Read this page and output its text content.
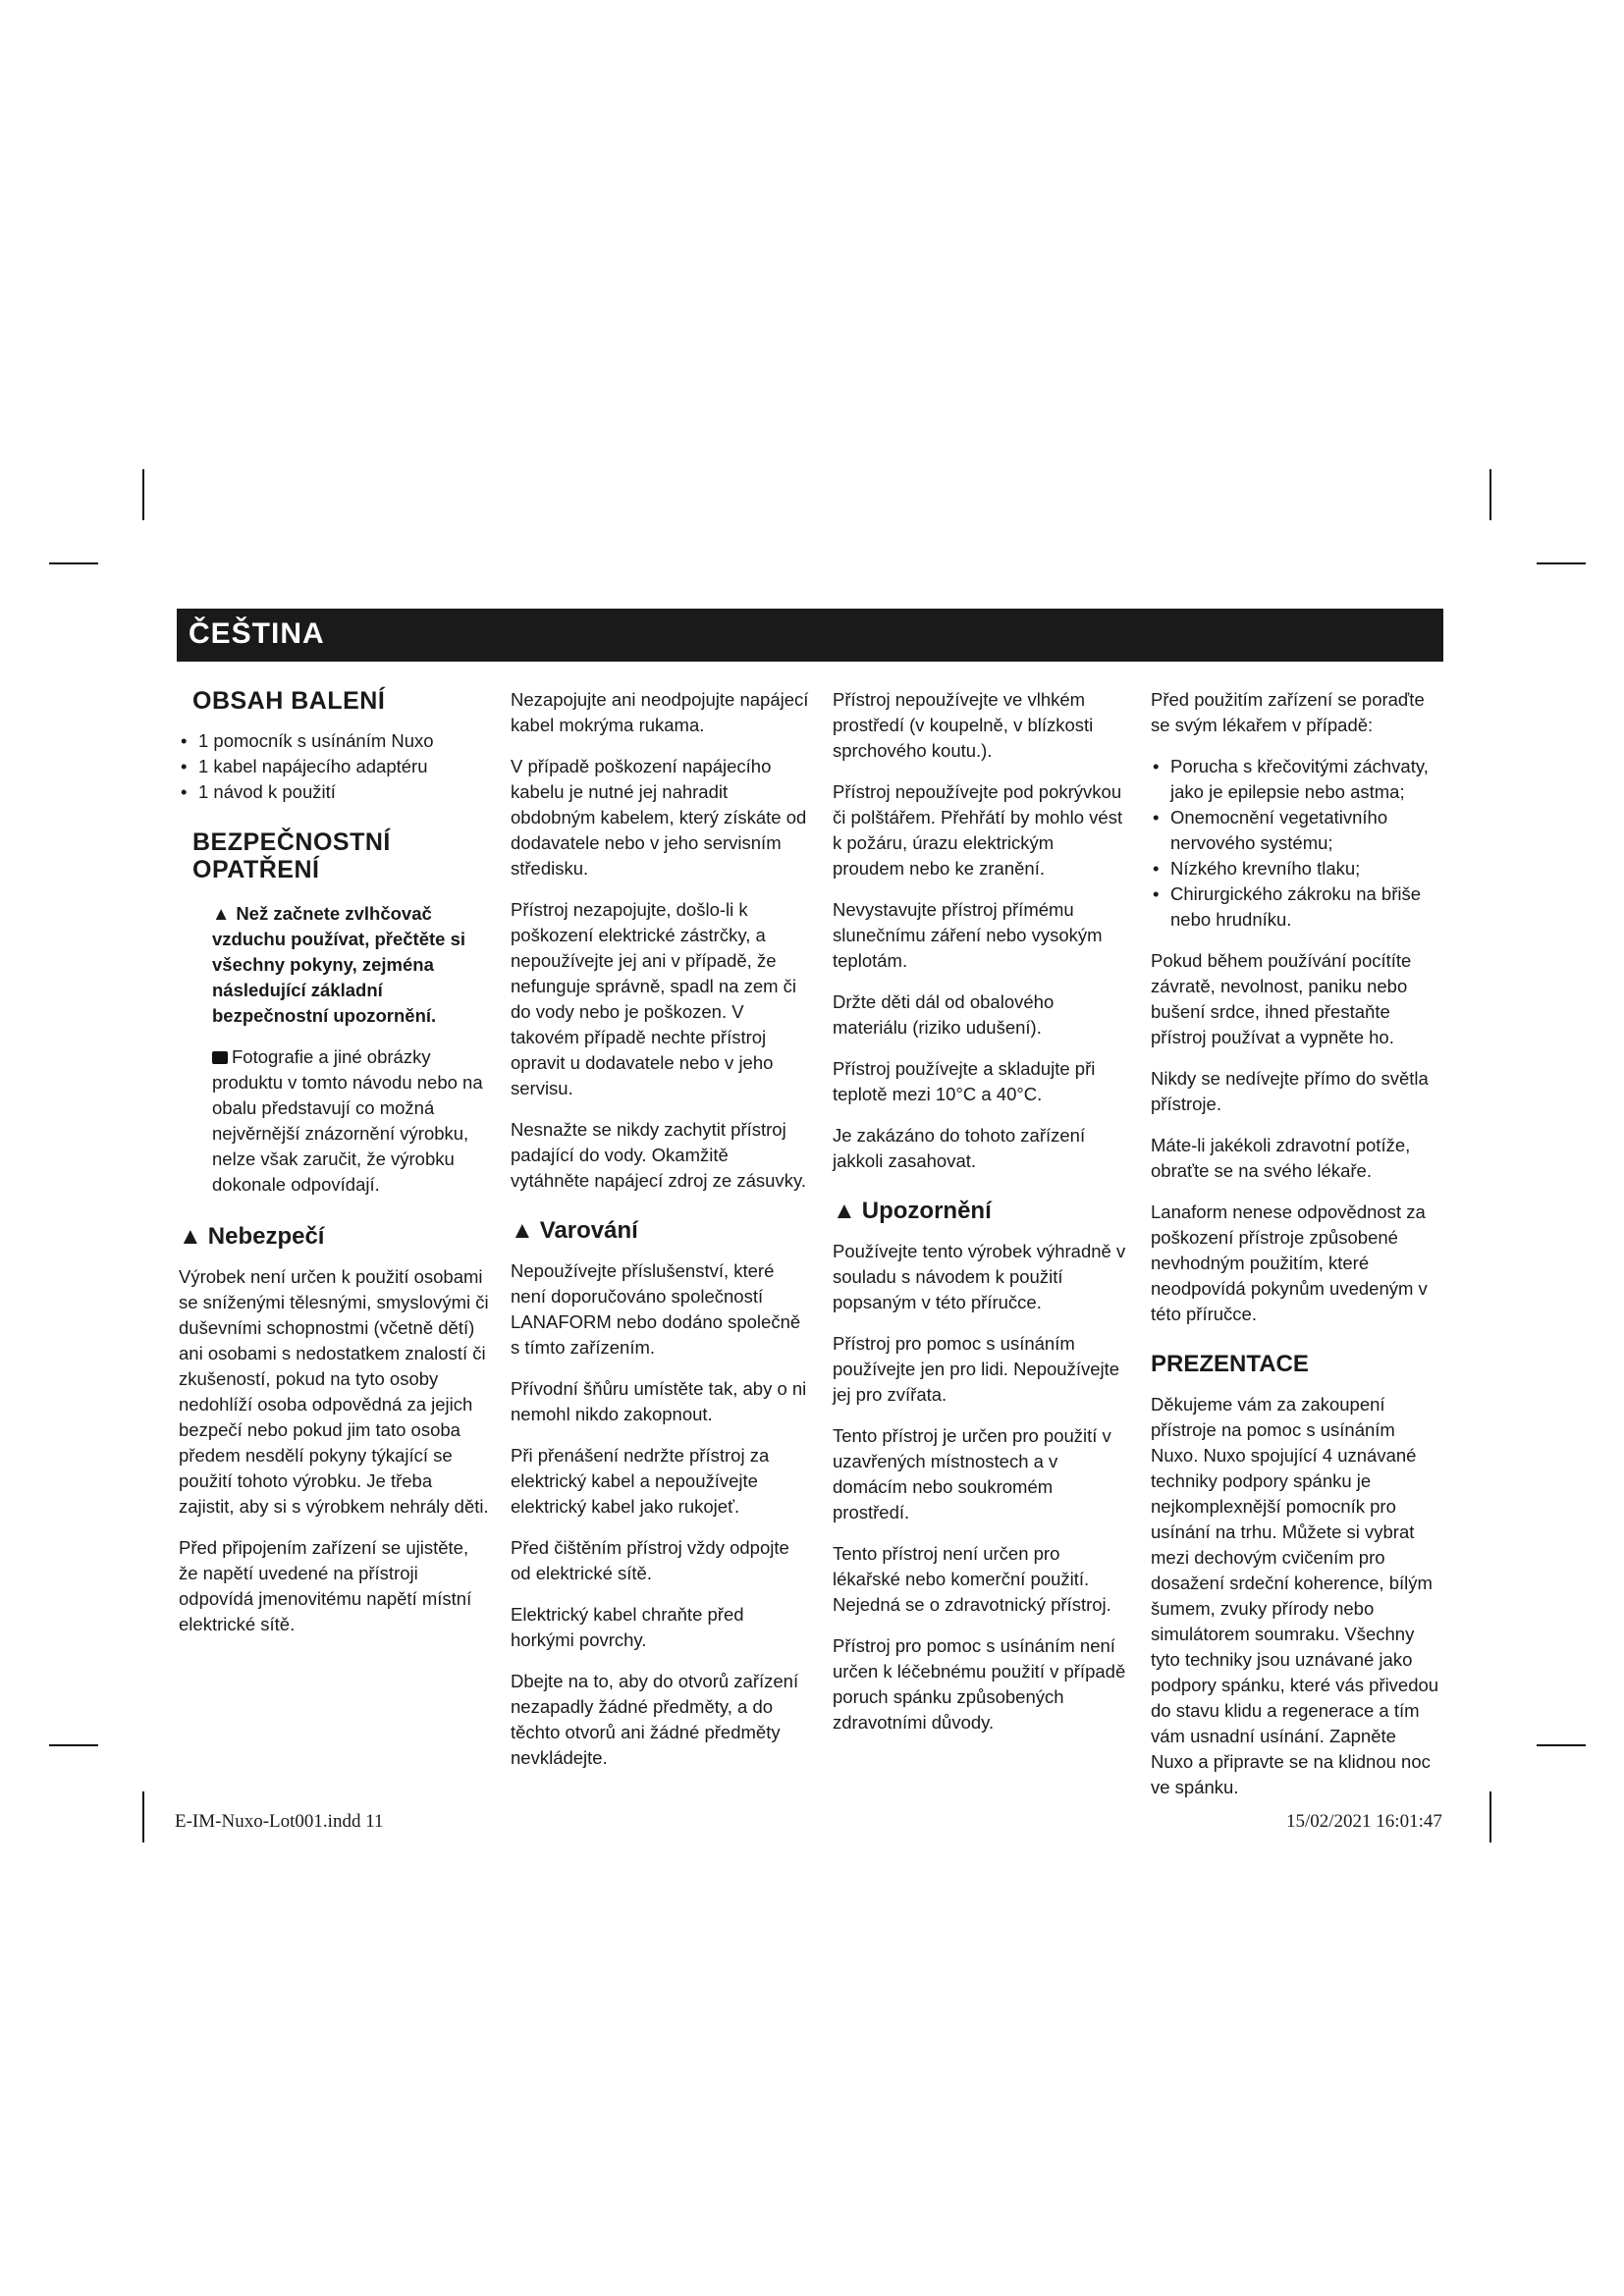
ČEŠTINA
OBSAH BALENÍ
• 1 pomocník s usínáním Nuxo
• 1 kabel napájecího adaptéru
• 1 návod k použití
BEZPEČNOSTNÍ
OPATŘENÍ

▲ Než začnete zvlhčovač vzduchu používat, přečtěte si všechny pokyny, zejména následující základní bezpečnostní upozornění.

Fotografie a jiné obrázky produktu v tomto návodu nebo na obalu představují co možná nejvěrnější znázornění výrobku, nelze však zaručit, že výrobku dokonale odpovídají.

▲ Nebezpečí

Výrobek není určen k použití osobami se sníženými tělesnými, smyslovými či duševními schopnostmi (včetně dětí) ani osobami s nedostatkem znalostí či zkušeností, pokud na tyto osoby nedohlíží osoba odpovědná za jejich bezpečí nebo pokud jim tato osoba předem nesdělí pokyny týkající se použití tohoto výrobku. Je třeba zajistit, aby si s výrobkem nehrály děti.

Před připojením zařízení se ujistěte, že napětí uvedené na přístroji odpovídá jmenovitému napětí místní elektrické sítě.

Nezapojujte ani neodpojujte napájecí kabel mokrýma rukama.

V případě poškození napájecího kabelu je nutné jej nahradit obdobným kabelem, který získáte od dodavatele nebo v jeho servisním středisku.

Přístroj nezapojujte, došlo-li k poškození elektrické zástrčky, a nepoužívejte jej ani v případě, že nefunguje správně, spadl na zem či do vody nebo je poškozen. V takovém případě nechte přístroj opravit u dodavatele nebo v jeho servisu.

Nesnažte se nikdy zachytit přístroj padající do vody. Okamžitě vytáhněte napájecí zdroj ze zásuvky.

▲ Varování

Nepoužívejte příslušenství, které není doporučováno společností LANAFORM nebo dodáno společně s tímto zařízením.

Přívodní šňůru umístěte tak, aby o ni nemohl nikdo zakopnout.

Při přenášení nedržte přístroj za elektrický kabel a nepoužívejte elektrický kabel jako rukojeť.

Před čištěním přístroj vždy odpojte od elektrické sítě.

Elektrický kabel chraňte před horkými povrchy.

Dbejte na to, aby do otvorů zařízení nezapadly žádné předměty, a do těchto otvorů ani žádné předměty nevkládejte.

Přístroj nepoužívejte ve vlhkém prostředí (v koupelně, v blízkosti sprchového koutu.).

Přístroj nepoužívejte pod pokrývkou či polštářem. Přehřátí by mohlo vést k požáru, úrazu elektrickým proudem nebo ke zranění.

Nevystavujte přístroj přímému slunečnímu záření nebo vysokým teplotám.

Držte děti dál od obalového materiálu (riziko udušení).

Přístroj používejte a skladujte při teplotě mezi 10°C a 40°C.

Je zakázáno do tohoto zařízení jakkoli zasahovat.

▲ Upozornění

Používejte tento výrobek výhradně v souladu s návodem k použití popsaným v této příručce.

Přístroj pro pomoc s usínáním používejte jen pro lidi. Nepoužívejte jej pro zvířata.

Tento přístroj je určen pro použití v uzavřených místnostech a v domácím nebo soukromém prostředí.

Tento přístroj není určen pro lékařské nebo komerční použití. Nejedná se o zdravotnický přístroj.

Přístroj pro pomoc s usínáním není určen k léčebnému použití v případě poruch spánku způsobených zdravotními důvody.

Před použitím zařízení se poraďte se svým lékařem v případě:

• Porucha s křečovitými záchvaty, jako je epilepsie nebo astma;
• Onemocnění vegetativního nervového systému;
• Nízkého krevního tlaku;
• Chirurgického zákroku na břiše nebo hrudníku.

Pokud během používání pocítíte závratě, nevolnost, paniku nebo bušení srdce, ihned přestaňte přístroj používat a vypněte ho.

Nikdy se nedívejte přímo do světla přístroje.

Máte-li jakékoli zdravotní potíže, obraťte se na svého lékaře.

Lanaform nenese odpovědnost za poškození přístroje způsobené nevhodným použitím, které neodpovídá pokynům uvedeným v této příručce.

PREZENTACE

Děkujeme vám za zakoupení přístroje na pomoc s usínáním Nuxo. Nuxo spojující 4 uznávané techniky podpory spánku je nejkomplexnější pomocník pro usínání na trhu. Můžete si vybrat mezi dechovým cvičením pro dosažení srdeční koherence, bílým šumem, zvuky přírody nebo simulátorem soumraku. Všechny tyto techniky jsou uznávané jako podpory spánku, které vás přivedou do stavu klidu a regenerace a tím vám usnadní usínání. Zapněte Nuxo a připravte se na klidnou noc ve spánku.

E-IM-Nuxo-Lot001.indd 11	15/02/2021 16:01:47
